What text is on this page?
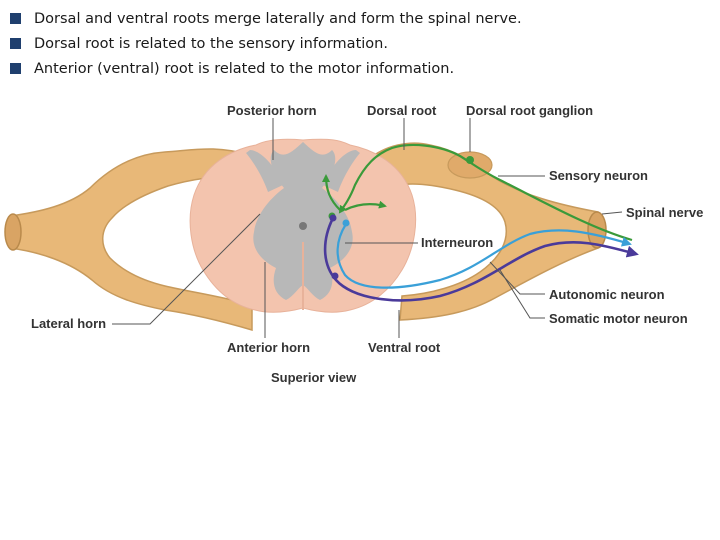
Dorsal and ventral roots merge laterally and form the spinal nerve.
Dorsal root is related to the sensory information.
Anterior (ventral) root is related to the motor information.
Posterior horn	Dorsal root Dorsal root ganglion
Sensory neuron
Spinal nerve
Interneuron
Autonomic neuron
Somatic motor neuron
Lateral horn
Anterior horn	Ventral root
Superior view
